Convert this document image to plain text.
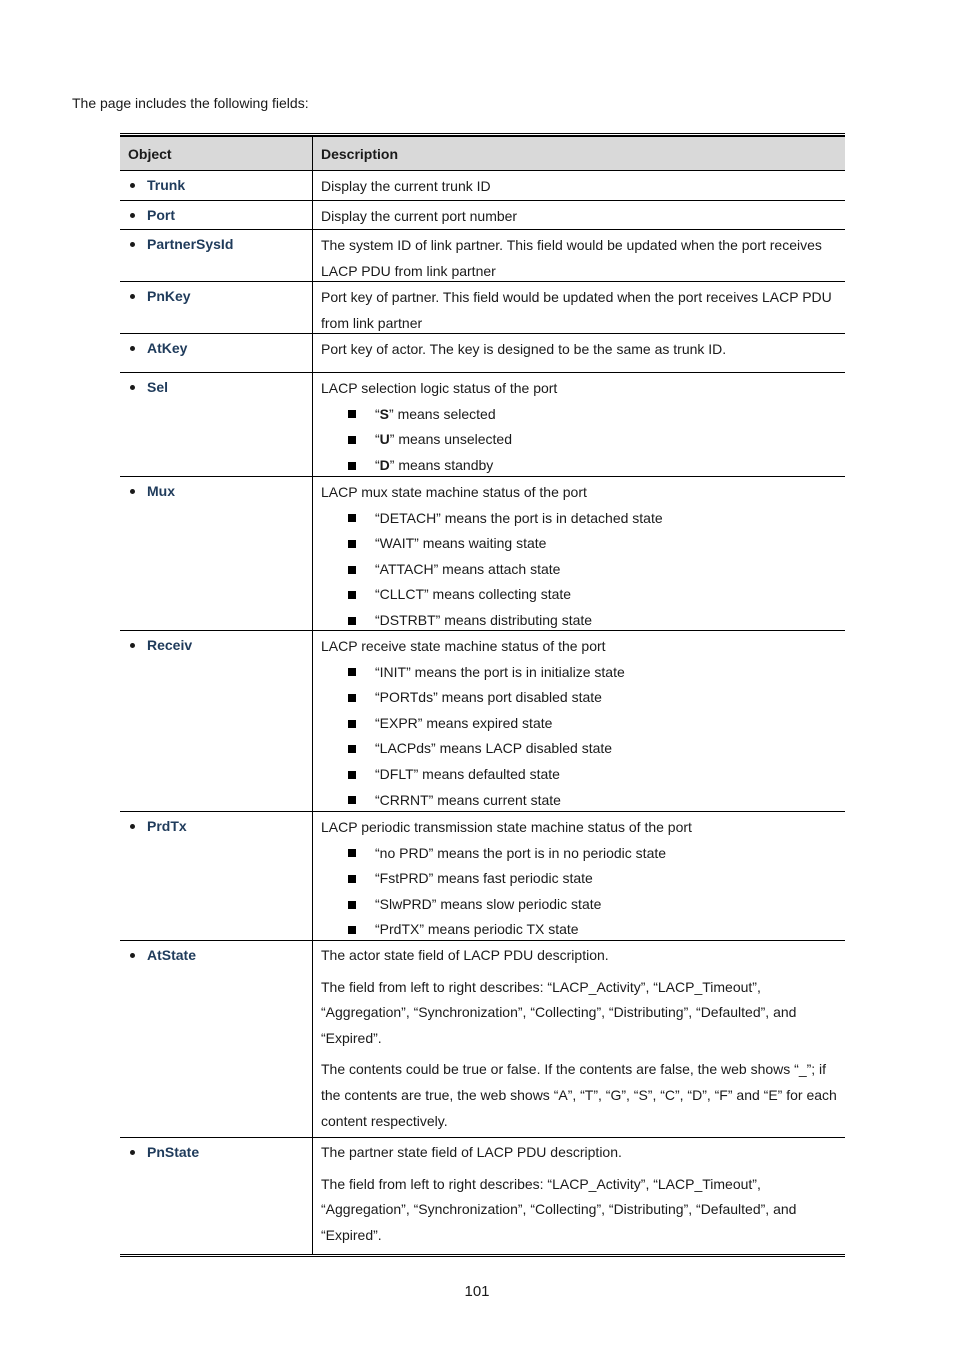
The page includes the following fields:
Object	Description
Trunk	Display the current trunk ID
Port	Display the current port number
PartnerSysId	The system ID of link partner. This field would be updated when the port receives LACP PDU from link partner
PnKey	Port key of partner. This field would be updated when the port receives LACP PDU from link partner
AtKey	Port key of actor. The key is designed to be the same as trunk ID.
Sel	LACP selection logic status of the port
“S” means selected
“U” means unselected
“D” means standby
Mux	LACP mux state machine status of the port
“DETACH” means the port is in detached state
“WAIT” means waiting state
“ATTACH” means attach state
“CLLCT” means collecting state
“DSTRBT” means distributing state
Receiv	LACP receive state machine status of the port
“INIT” means the port is in initialize state
“PORTds” means port disabled state
“EXPR” means expired state
“LACPds” means LACP disabled state
“DFLT” means defaulted state
“CRRNT” means current state
PrdTx	LACP periodic transmission state machine status of the port
“no PRD” means the port is in no periodic state
“FstPRD” means fast periodic state
“SlwPRD” means slow periodic state
“PrdTX” means periodic TX state
AtState	The actor state field of LACP PDU description.
The field from left to right describes: “LACP_Activity”, “LACP_Timeout”, “Aggregation”, “Synchronization”, “Collecting”, “Distributing”, “Defaulted”, and “Expired”.
The contents could be true or false. If the contents are false, the web shows “_”; if the contents are true, the web shows “A”, “T”, “G”, “S”, “C”, “D”, “F” and “E” for each content respectively.
PnState	The partner state field of LACP PDU description.
The field from left to right describes: “LACP_Activity”, “LACP_Timeout”, “Aggregation”, “Synchronization”, “Collecting”, “Distributing”, “Defaulted”, and “Expired”.
101
